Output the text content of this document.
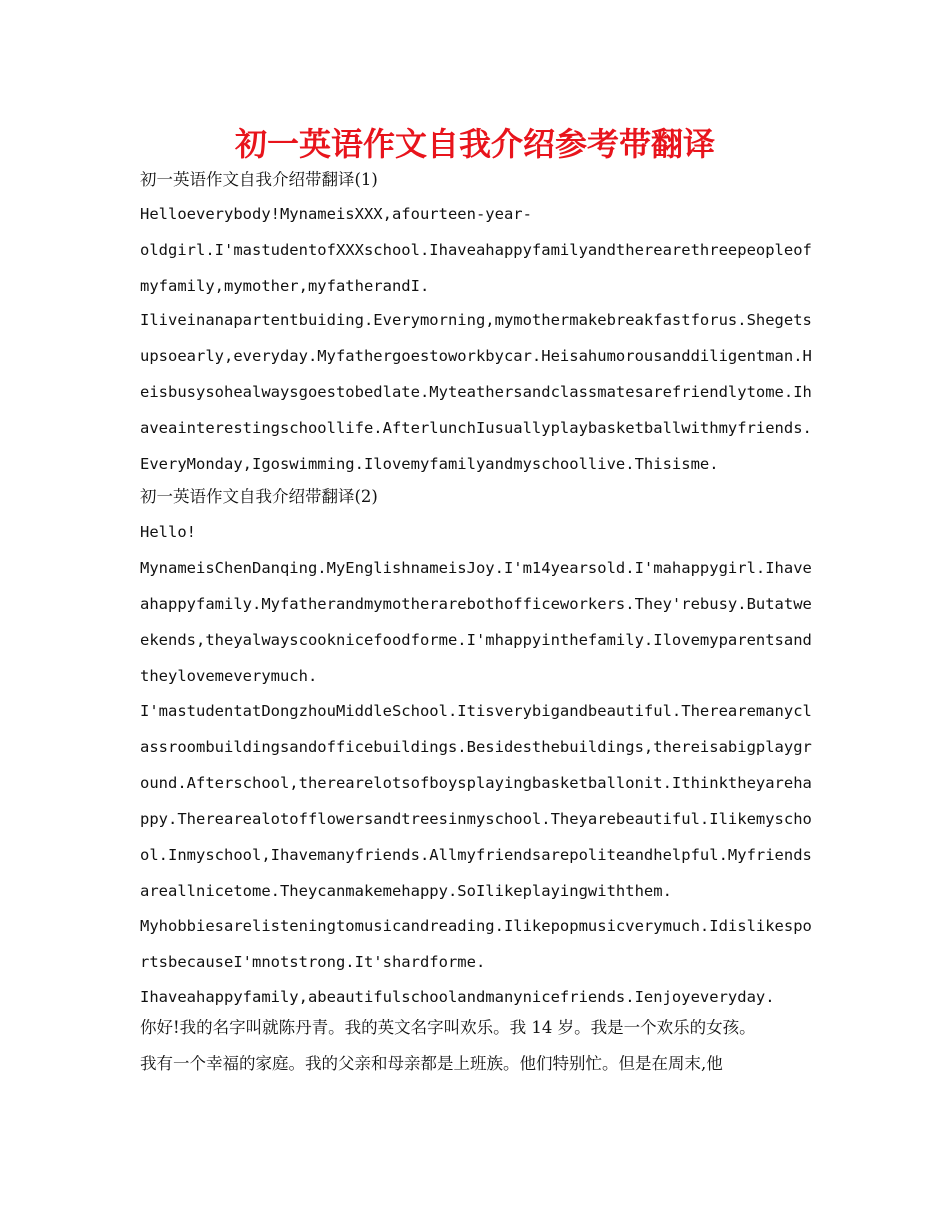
初一英语作文自我介绍参考带翻译
初一英语作文自我介绍带翻译(1)
Helloeverybody!MynameisXXX,afourteen-year-
oldgirl.I'mastudentofXXXschool.Ihaveahappyfamilyandtherearethreepeopleof
myfamily,mymother,myfatherandI.
Iliveinanapartentbuiding.Everymorning,mymothermakebreakfastforus.Shegets
upsoearly,everyday.Myfathergoestoworkbycar.Heisahumorousanddiligentman.H
eisbusysohealwaysgoestobedlate.Myteathersandclassmatesarefriendlytome.Ih
aveainterestingschoollife.AfterlunchIusuallyplaybasketballwithmyfriends.
EveryMonday,Igoswimming.Ilovemyfamilyandmyschoollive.Thisisme.
初一英语作文自我介绍带翻译(2)
Hello!
MynameisChenDanqing.MyEnglishnameisJoy.I'm14yearsold.I'mahappygirl.Ihave
ahappyfamily.Myfatherandmymotherarebothofficeworkers.They'rebusy.Butatwe
ekends,theyalwayscooknicefoodforme.I'mhappyinthefamily.Ilovemyparentsand
theylovemeverymuch.
I'mastudentatDongzhouMiddleSchool.Itisverybigandbeautiful.Therearemanycl
assroombuildingsandofficebuildings.Besidesthebuildings,thereisabigplaygr
ound.Afterschool,therearelotsofboysplayingbasketballonit.Ithinktheyareha
ppy.Therearealotofflowersandtreesinmyschool.Theyarebeautiful.Ilikemyscho
ol.Inmyschool,Ihavemanyfriends.Allmyfriendsarepoliteandhelpful.Myfriends
areallnicetome.Theycanmakemehappy.SoIlikeplayingwiththem.
Myhobbiesarelisteningtomusicandreading.Ilikepopmusicverymuch.Idislikespo
rtsbecauseI'mnotstrong.It'shardforme.
Ihaveahappyfamily,abeautifulschoolandmanynicefriends.Ienjoyeveryday.
你好!我的名字叫就陈丹青。我的英文名字叫欢乐。我 14 岁。我是一个欢乐的女孩。
我有一个幸福的家庭。我的父亲和母亲都是上班族。他们特别忙。但是在周末,他
